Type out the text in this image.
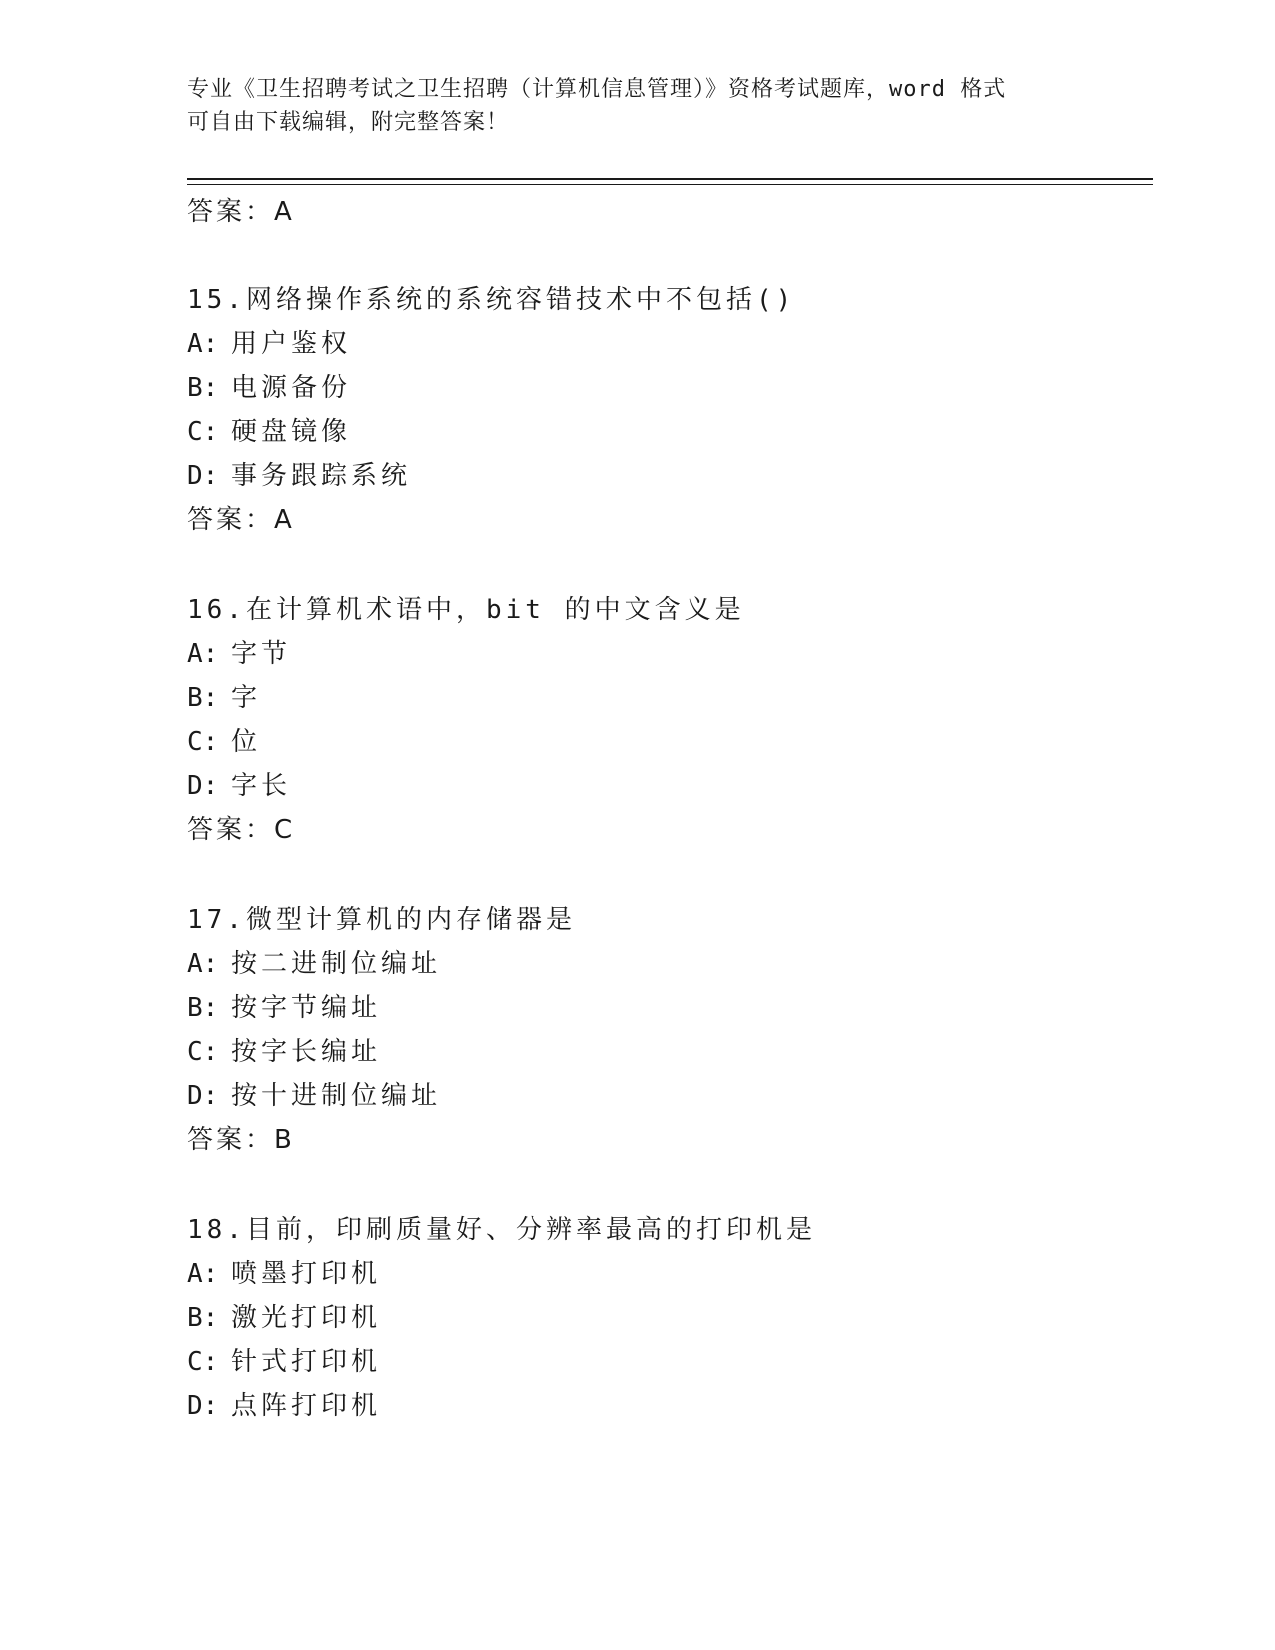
专业《卫生招聘考试之卫生招聘（计算机信息管理）》资格考试题库，word 格式
可自由下载编辑，附完整答案！
答案：A
15.网络操作系统的系统容错技术中不包括()
A: 用户鉴权
B: 电源备份
C: 硬盘镜像
D: 事务跟踪系统
答案：A
16.在计算机术语中，bit 的中文含义是
A: 字节
B: 字
C: 位
D: 字长
答案：C
17.微型计算机的内存储器是
A: 按二进制位编址
B: 按字节编址
C: 按字长编址
D: 按十进制位编址
答案：B
18.目前，印刷质量好、分辨率最高的打印机是
A: 喷墨打印机
B: 激光打印机
C: 针式打印机
D: 点阵打印机
